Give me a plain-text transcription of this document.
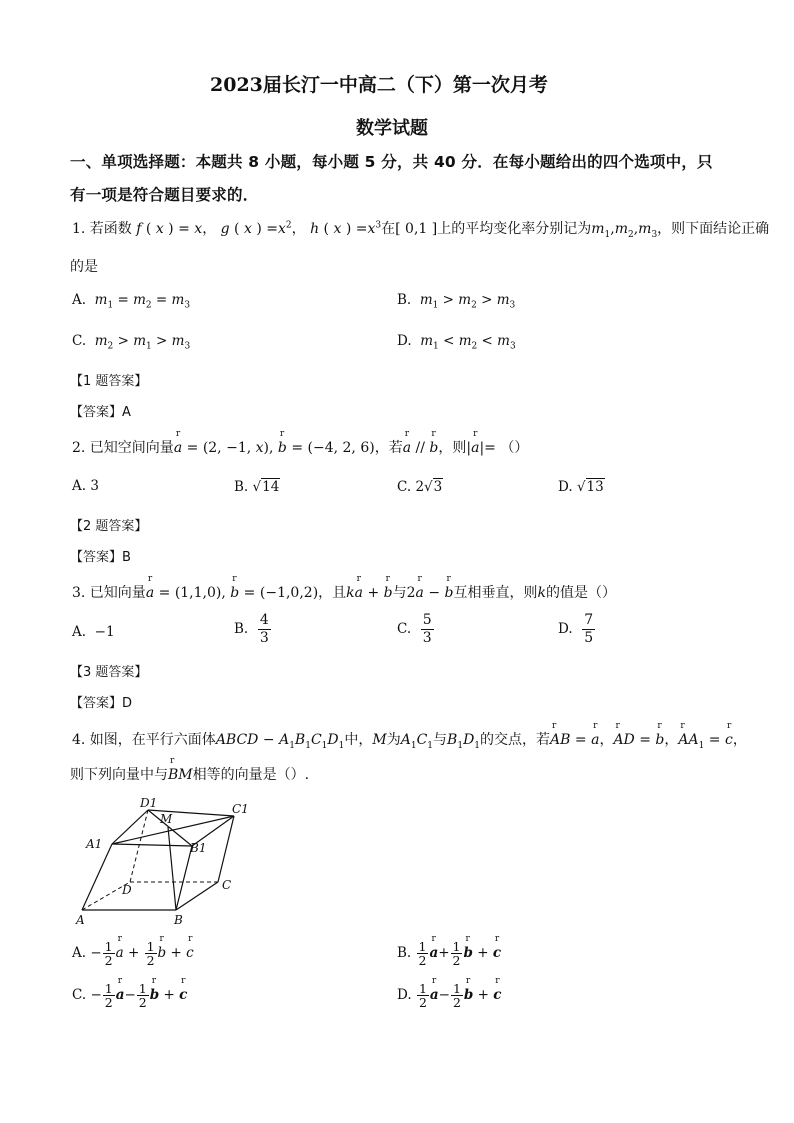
2023届长汀一中高二（下）第一次月考
数学试题
一、单项选择题：本题共 8 小题，每小题 5 分，共 40 分．在每小题给出的四个选项中，只
有一项是符合题目要求的．
1. 若函数 f ( x ) = x， g ( x ) $=x^2$， h ( x ) $=x^3$在[ 0,1 ]上的平均变化率分别记为$m_1,m_2,m_3$，则下面结论正确
的是
A. $m_1 = m_2 = m_3$	B. $m_1 > m_2 > m_3$
C. $m_2 > m_1 > m_3$	D. $m_1 < m_2 < m_3$
【1 题答案】
【答案】A
2. 已知空间向量r a = (2, −1, x), r b = (−4, 2, 6)，若r a // r b，则|r a|= （）
A. 3	B. √14	C. 2√3	D. √13
【2 题答案】
【答案】B
3. 已知向量r a = (1,1,0), r b = (−1,0,2)，且kr a + r b与2r a − r b互相垂直，则k的值是（）
A. −1	B. $\frac{4}{3}$	C. $\frac{5}{3}$	D. $\frac{7}{5}$
【3 题答案】
【答案】D
4. 如图，在平行六面体ABCD − $A_1B_1C_1D_1$中，M为$A_1C_1$与$B_1D_1$的交点，若r AB = r a，r AD = r b，r $AA_1 = r$ c，
则下列向量中与r BM相等的向量是（）.
D1
M
C1
A1	B1
D	C
A	B
A. − $\frac{1}{2}$ r $a + \frac{1}{2}$ r b + r c	B. $\frac{1}{2}$ r $a+ \frac{1}{2}$ r b + r c
C. − $\frac{1}{2}$ r $a- \frac{1}{2}$ r b + r c	D. $\frac{1}{2}$ r $a- \frac{1}{2}$ r b + r c
